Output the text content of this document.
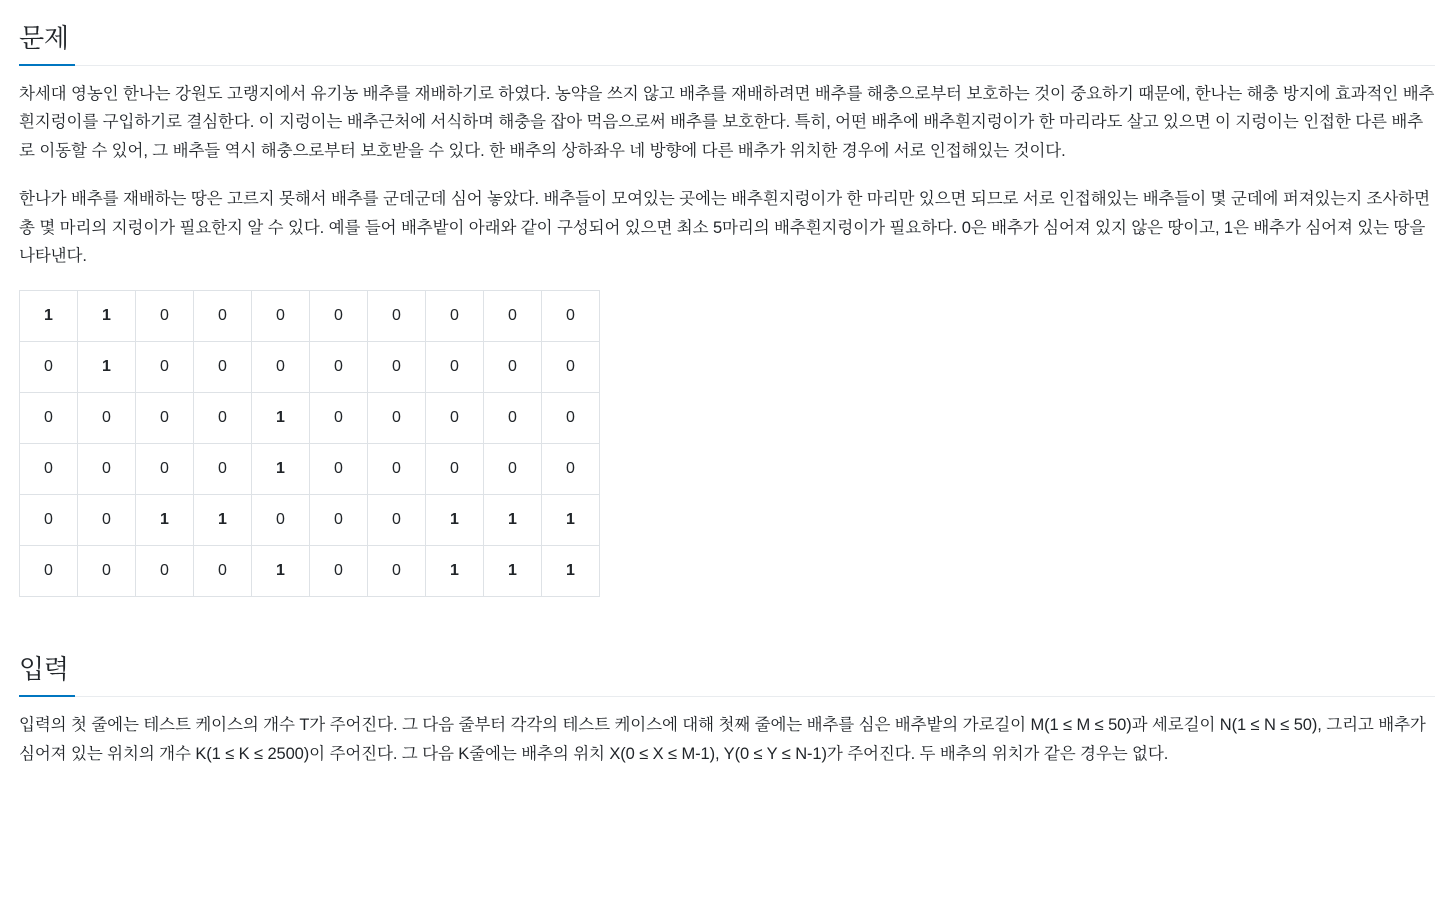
문제

차세대 영농인 한나는 강원도 고랭지에서 유기농 배추를 재배하기로 하였다. 농약을 쓰지 않고 배추를 재배하려면 배추를 해충으로부터 보호하는 것이 중요하기 때문에, 한나는 해충 방지에 효과적인 배추흰지렁이를 구입하기로 결심한다. 이 지렁이는 배추근처에 서식하며 해충을 잡아 먹음으로써 배추를 보호한다. 특히, 어떤 배추에 배추흰지렁이가 한 마리라도 살고 있으면 이 지렁이는 인접한 다른 배추로 이동할 수 있어, 그 배추들 역시 해충으로부터 보호받을 수 있다. 한 배추의 상하좌우 네 방향에 다른 배추가 위치한 경우에 서로 인접해있는 것이다.

한나가 배추를 재배하는 땅은 고르지 못해서 배추를 군데군데 심어 놓았다. 배추들이 모여있는 곳에는 배추흰지렁이가 한 마리만 있으면 되므로 서로 인접해있는 배추들이 몇 군데에 퍼져있는지 조사하면 총 몇 마리의 지렁이가 필요한지 알 수 있다. 예를 들어 배추밭이 아래와 같이 구성되어 있으면 최소 5마리의 배추흰지렁이가 필요하다. 0은 배추가 심어져 있지 않은 땅이고, 1은 배추가 심어져 있는 땅을 나타낸다.

1	1	0	0	0	0	0	0	0	0
0	1	0	0	0	0	0	0	0	0
0	0	0	0	1	0	0	0	0	0
0	0	0	0	1	0	0	0	0	0
0	0	1	1	0	0	0	1	1	1
0	0	0	0	1	0	0	1	1	1
입력

입력의 첫 줄에는 테스트 케이스의 개수 T가 주어진다. 그 다음 줄부터 각각의 테스트 케이스에 대해 첫째 줄에는 배추를 심은 배추밭의 가로길이 M(1 ≤ M ≤ 50)과 세로길이 N(1 ≤ N ≤ 50), 그리고 배추가 심어져 있는 위치의 개수 K(1 ≤ K ≤ 2500)이 주어진다. 그 다음 K줄에는 배추의 위치 X(0 ≤ X ≤ M-1), Y(0 ≤ Y ≤ N-1)가 주어진다. 두 배추의 위치가 같은 경우는 없다.
